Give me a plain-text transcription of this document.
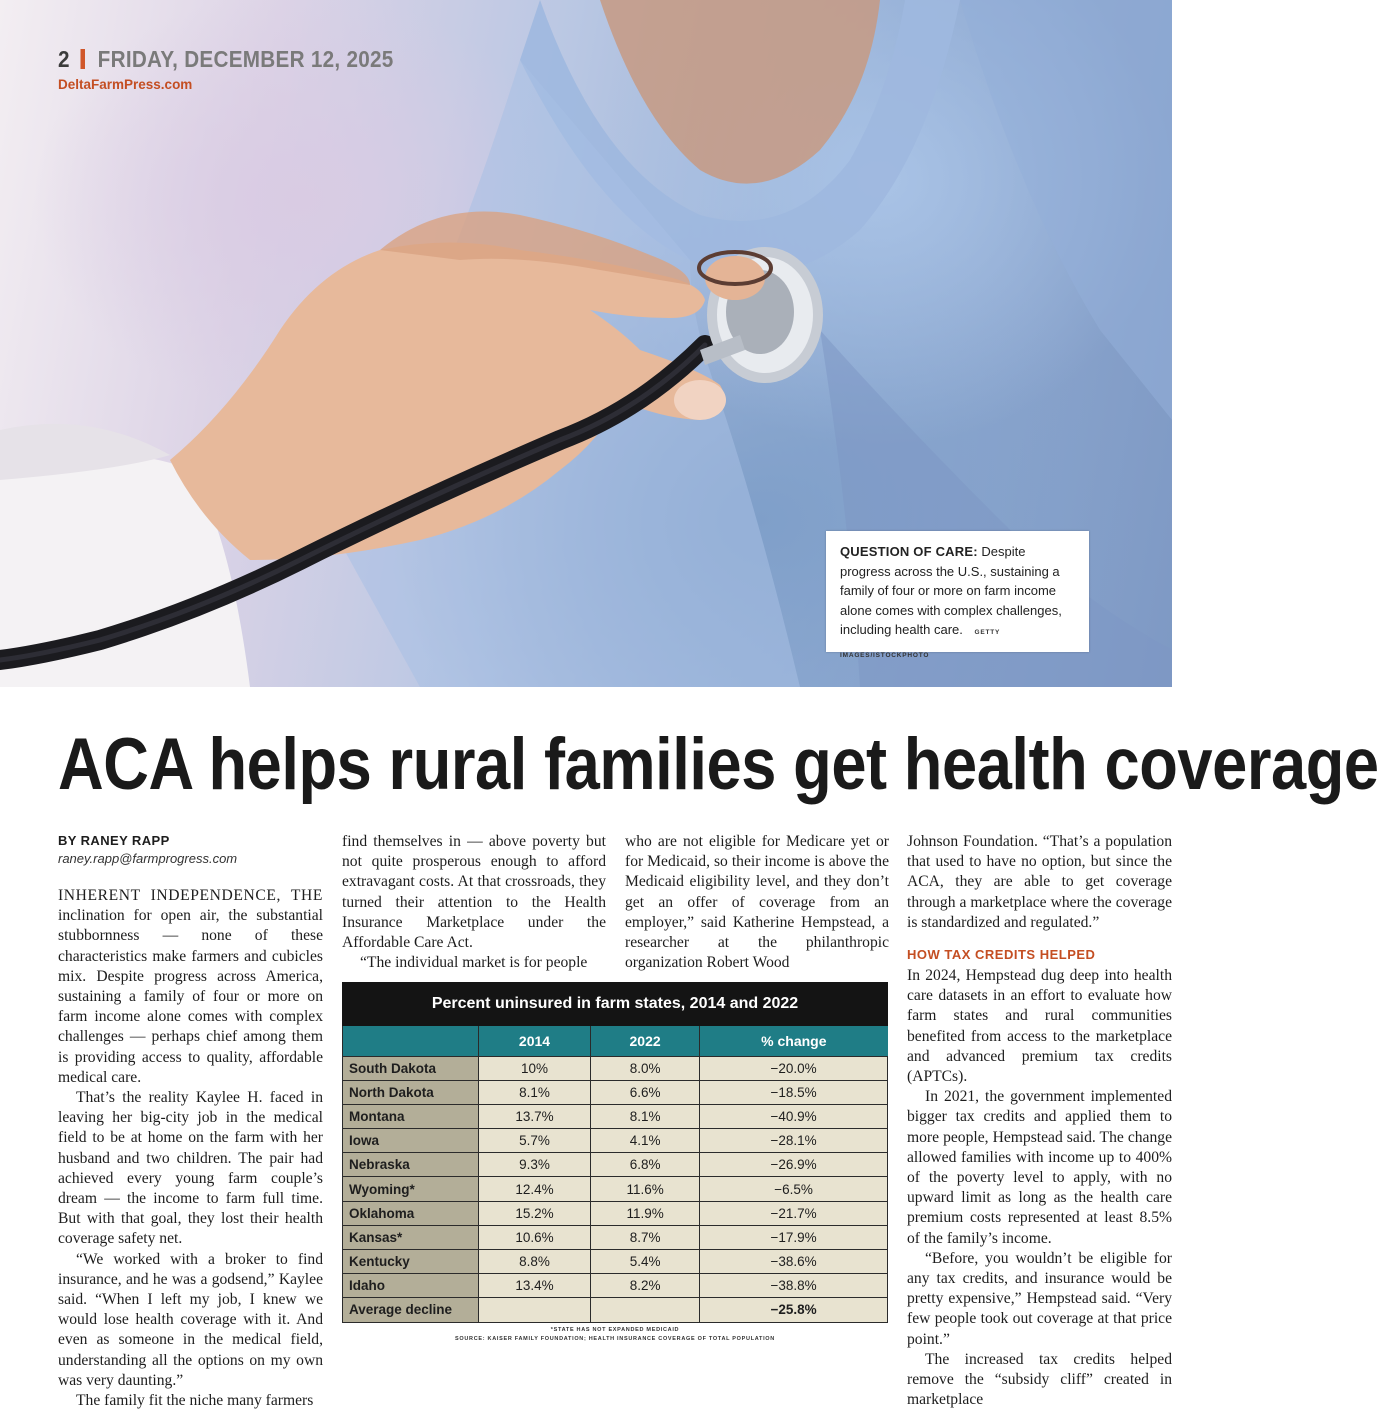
2 FRIDAY, DECEMBER 12, 2025
DeltaFarmPress.com
QUESTION OF CARE: Despite progress across the U.S., sustaining a family of four or more on farm income alone comes with complex challenges, including health care. GETTY IMAGES/ISTOCKPHOTO
ACA helps rural families get health coverage
BY RANEY RAPP
raney.rapp@farmprogress.com

INHERENT INDEPENDENCE, THE inclination for open air, the substantial stubbornness — none of these characteristics make farmers and cubicles mix. Despite progress across America, sustaining a family of four or more on farm income alone comes with complex challenges — perhaps chief among them is providing access to quality, affordable medical care.

That’s the reality Kaylee H. faced in leaving her big-city job in the medical field to be at home on the farm with her husband and two children. The pair had achieved every young farm couple’s dream — the income to farm full time. But with that goal, they lost their health coverage safety net.

“We worked with a broker to find insurance, and he was a godsend,” Kaylee said. “When I left my job, I knew we would lose health coverage with it. And even as someone in the medical field, understanding all the options on my own was very daunting.”

The family fit the niche many farmers

find themselves in — above poverty but not quite prosperous enough to afford extravagant costs. At that crossroads, they turned their attention to the Health Insurance Marketplace under the Affordable Care Act.

“The individual market is for people

who are not eligible for Medicare yet or for Medicaid, so their income is above the Medicaid eligibility level, and they don’t get an offer of coverage from an employer,” said Katherine Hempstead, a researcher at the philanthropic organization Robert Wood

Johnson Foundation. “That’s a population that used to have no option, but since the ACA, they are able to get coverage through a marketplace where the coverage is standardized and regulated.”

HOW TAX CREDITS HELPED

In 2024, Hempstead dug deep into health care datasets in an effort to evaluate how farm states and rural communities benefited from access to the marketplace and advanced premium tax credits (APTCs).

In 2021, the government implemented bigger tax credits and applied them to more people, Hempstead said. The change allowed families with income up to 400% of the poverty level to apply, with no upward limit as long as the health care premium costs represented at least 8.5% of the family’s income.

“Before, you wouldn’t be eligible for any tax credits, and insurance would be pretty expensive,” Hempstead said. “Very few people took out coverage at that price point.”

The increased tax credits helped remove the “subsidy cliff” created in marketplace

Percent uninsured in farm states, 2014 and 2022
	2014	2022	% change
South Dakota	10%	8.0%	−20.0%
North Dakota	8.1%	6.6%	−18.5%
Montana	13.7%	8.1%	−40.9%
Iowa	5.7%	4.1%	−28.1%
Nebraska	9.3%	6.8%	−26.9%
Wyoming*	12.4%	11.6%	−6.5%
Oklahoma	15.2%	11.9%	−21.7%
Kansas*	10.6%	8.7%	−17.9%
Kentucky	8.8%	5.4%	−38.6%
Idaho	13.4%	8.2%	−38.8%
Average decline			−25.8%
*STATE HAS NOT EXPANDED MEDICAID
SOURCE: KAISER FAMILY FOUNDATION; HEALTH INSURANCE COVERAGE OF TOTAL POPULATION
